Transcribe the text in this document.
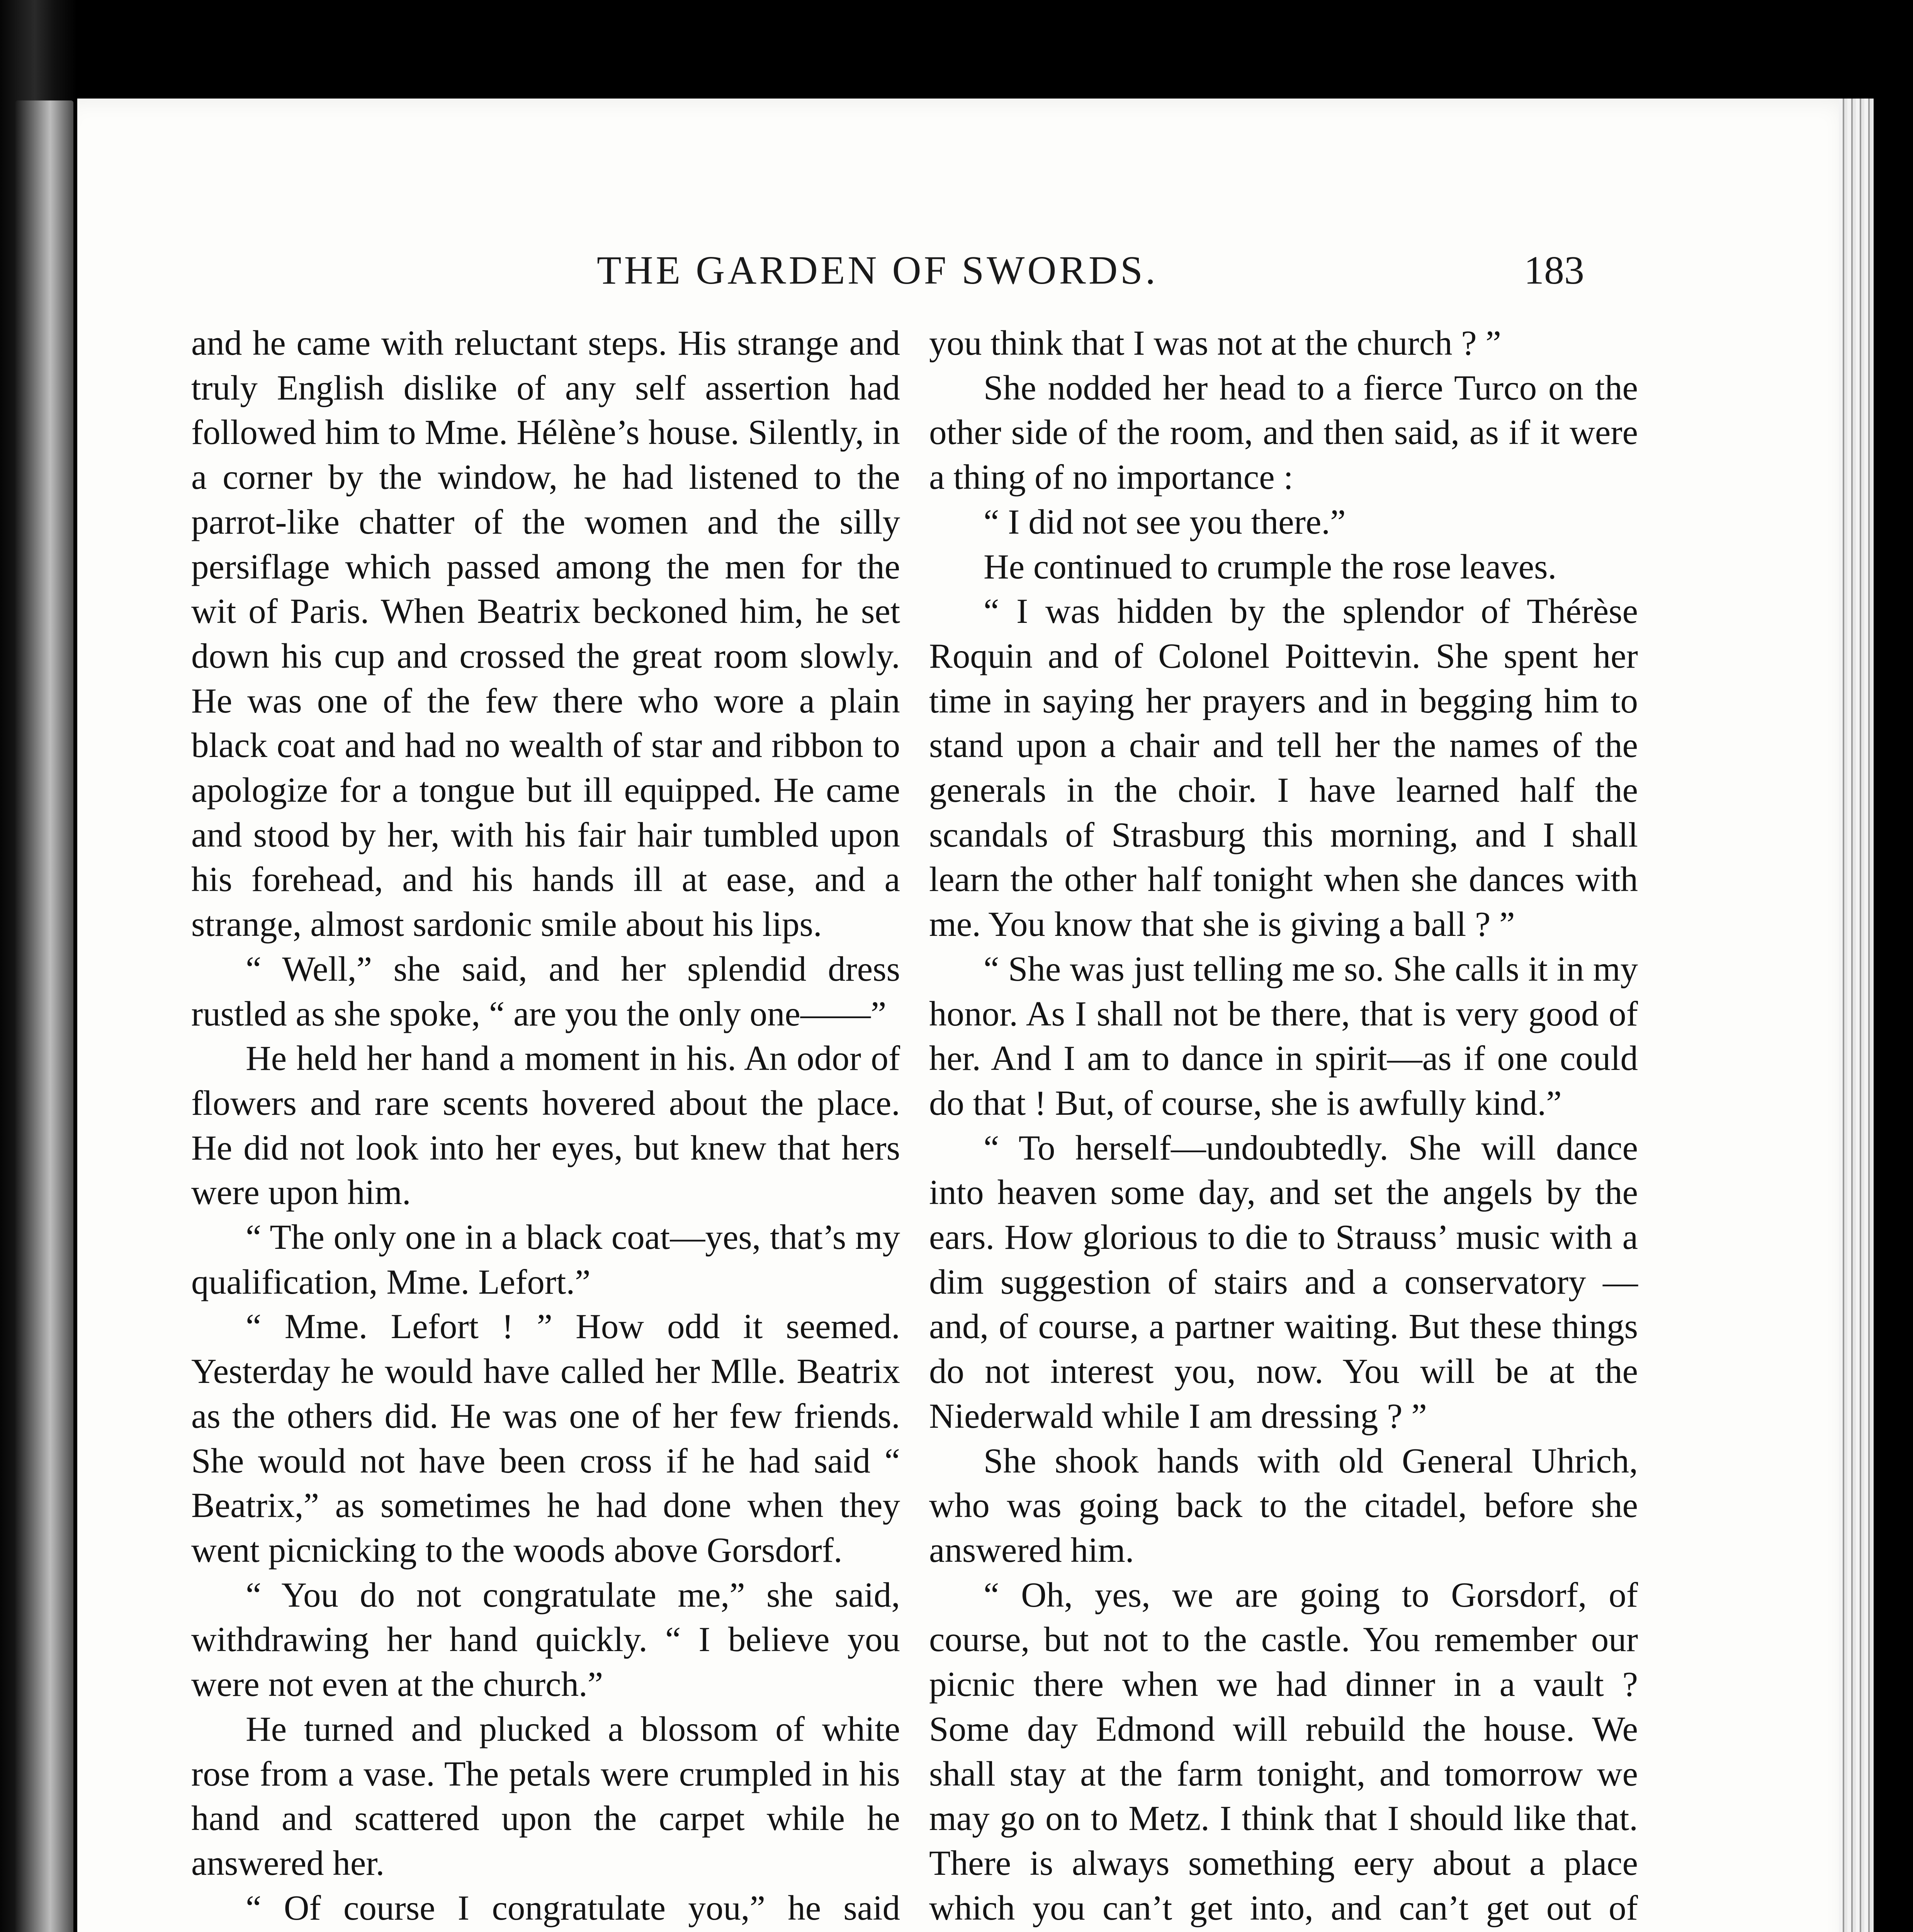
THE GARDEN OF SWORDS.	183

and he came with reluctant steps. His strange and truly English dislike of any self assertion had followed him to Mme. Hélène’s house. Silently, in a corner by the window, he had listened to the parrot-like chatter of the women and the silly persiflage which passed among the men for the wit of Paris. When Beatrix beckoned him, he set down his cup and crossed the great room slowly. He was one of the few there who wore a plain black coat and had no wealth of star and ribbon to apologize for a tongue but ill equipped. He came and stood by her, with his fair hair tumbled upon his forehead, and his hands ill at ease, and a strange, almost sardonic smile about his lips.

“ Well,” she said, and her splendid dress rustled as she spoke, “ are you the only one——”

He held her hand a moment in his. An odor of flowers and rare scents hovered about the place. He did not look into her eyes, but knew that hers were upon him.

“ The only one in a black coat—yes, that’s my qualification, Mme. Lefort.”

“ Mme. Lefort ! ” How odd it seemed. Yesterday he would have called her Mlle. Beatrix as the others did. He was one of her few friends. She would not have been cross if he had said “ Beatrix,” as sometimes he had done when they went picnicking to the woods above Gorsdorf.

“ You do not congratulate me,” she said, withdrawing her hand quickly. “ I believe you were not even at the church.”

He turned and plucked a blossom of white rose from a vase. The petals were crumpled in his hand and scattered upon the carpet while he answered her.

“ Of course I congratulate you,” he said

you think that I was not at the church ? ”

She nodded her head to a fierce Turco on the other side of the room, and then said, as if it were a thing of no importance :

“ I did not see you there.”

He continued to crumple the rose leaves.

“ I was hidden by the splendor of Thérèse Roquin and of Colonel Poittevin. She spent her time in saying her prayers and in begging him to stand upon a chair and tell her the names of the generals in the choir. I have learned half the scandals of Strasburg this morning, and I shall learn the other half tonight when she dances with me. You know that she is giving a ball ? ”

“ She was just telling me so. She calls it in my honor. As I shall not be there, that is very good of her. And I am to dance in spirit—as if one could do that ! But, of course, she is awfully kind.”

“ To herself—undoubtedly. She will dance into heaven some day, and set the angels by the ears. How glorious to die to Strauss’ music with a dim suggestion of stairs and a conservatory —and, of course, a partner waiting. But these things do not interest you, now. You will be at the Niederwald while I am dressing ? ”

She shook hands with old General Uhrich, who was going back to the citadel, before she answered him.

“ Oh, yes, we are going to Gorsdorf, of course, but not to the castle. You remember our picnic there when we had dinner in a vault ? Some day Edmond will rebuild the house. We shall stay at the farm tonight, and tomorrow we may go on to Metz. I think that I should like that. There is always something eery about a place which you can’t get into, and can’t get out of
